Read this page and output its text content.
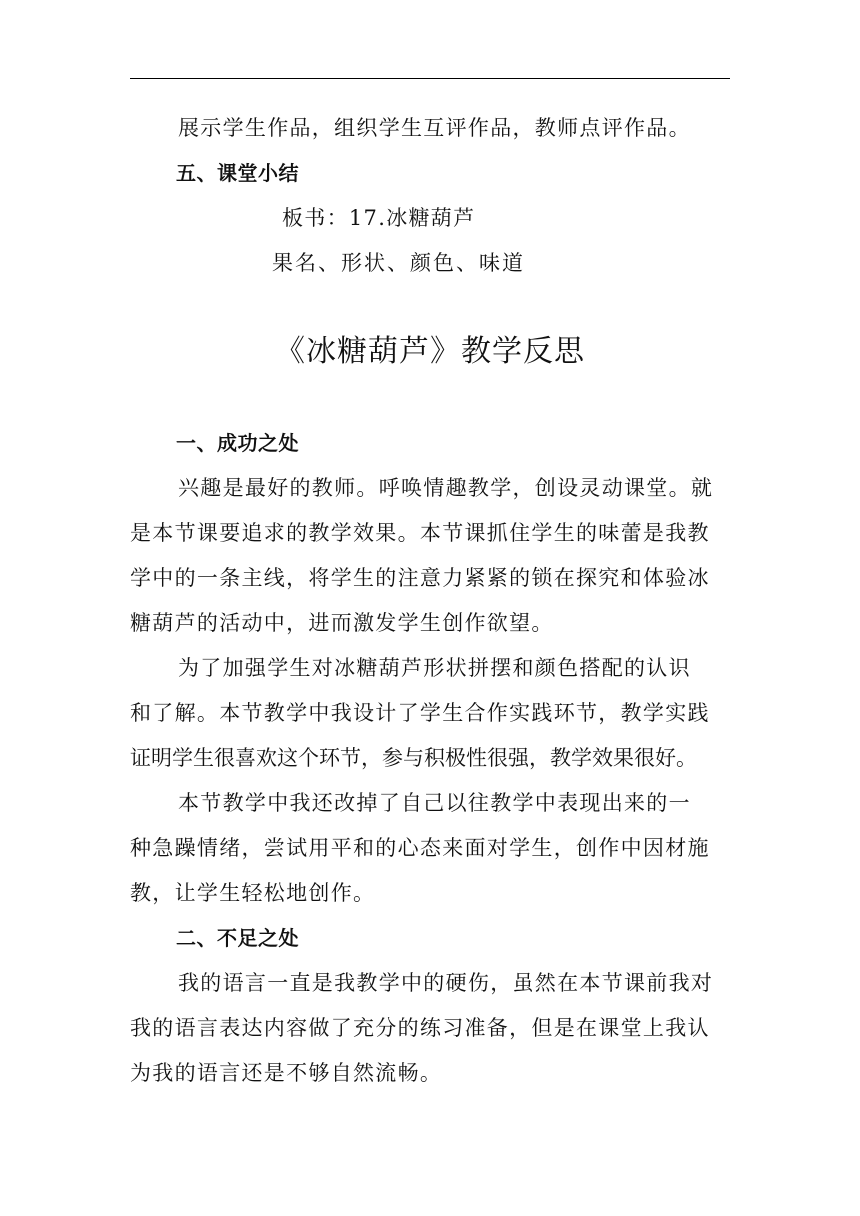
展示学生作品，组织学生互评作品，教师点评作品。
五、课堂小结
板书：17.冰糖葫芦
果名、形状、颜色、味道
《冰糖葫芦》教学反思
一、成功之处
兴趣是最好的教师。呼唤情趣教学，创设灵动课堂。就
是本节课要追求的教学效果。本节课抓住学生的味蕾是我教
学中的一条主线，将学生的注意力紧紧的锁在探究和体验冰
糖葫芦的活动中，进而激发学生创作欲望。
为了加强学生对冰糖葫芦形状拼摆和颜色搭配的认识
和了解。本节教学中我设计了学生合作实践环节，教学实践
证明学生很喜欢这个环节，参与积极性很强，教学效果很好。
本节教学中我还改掉了自己以往教学中表现出来的一
种急躁情绪，尝试用平和的心态来面对学生，创作中因材施
教，让学生轻松地创作。
二、不足之处
我的语言一直是我教学中的硬伤，虽然在本节课前我对
我的语言表达内容做了充分的练习准备，但是在课堂上我认
为我的语言还是不够自然流畅。
